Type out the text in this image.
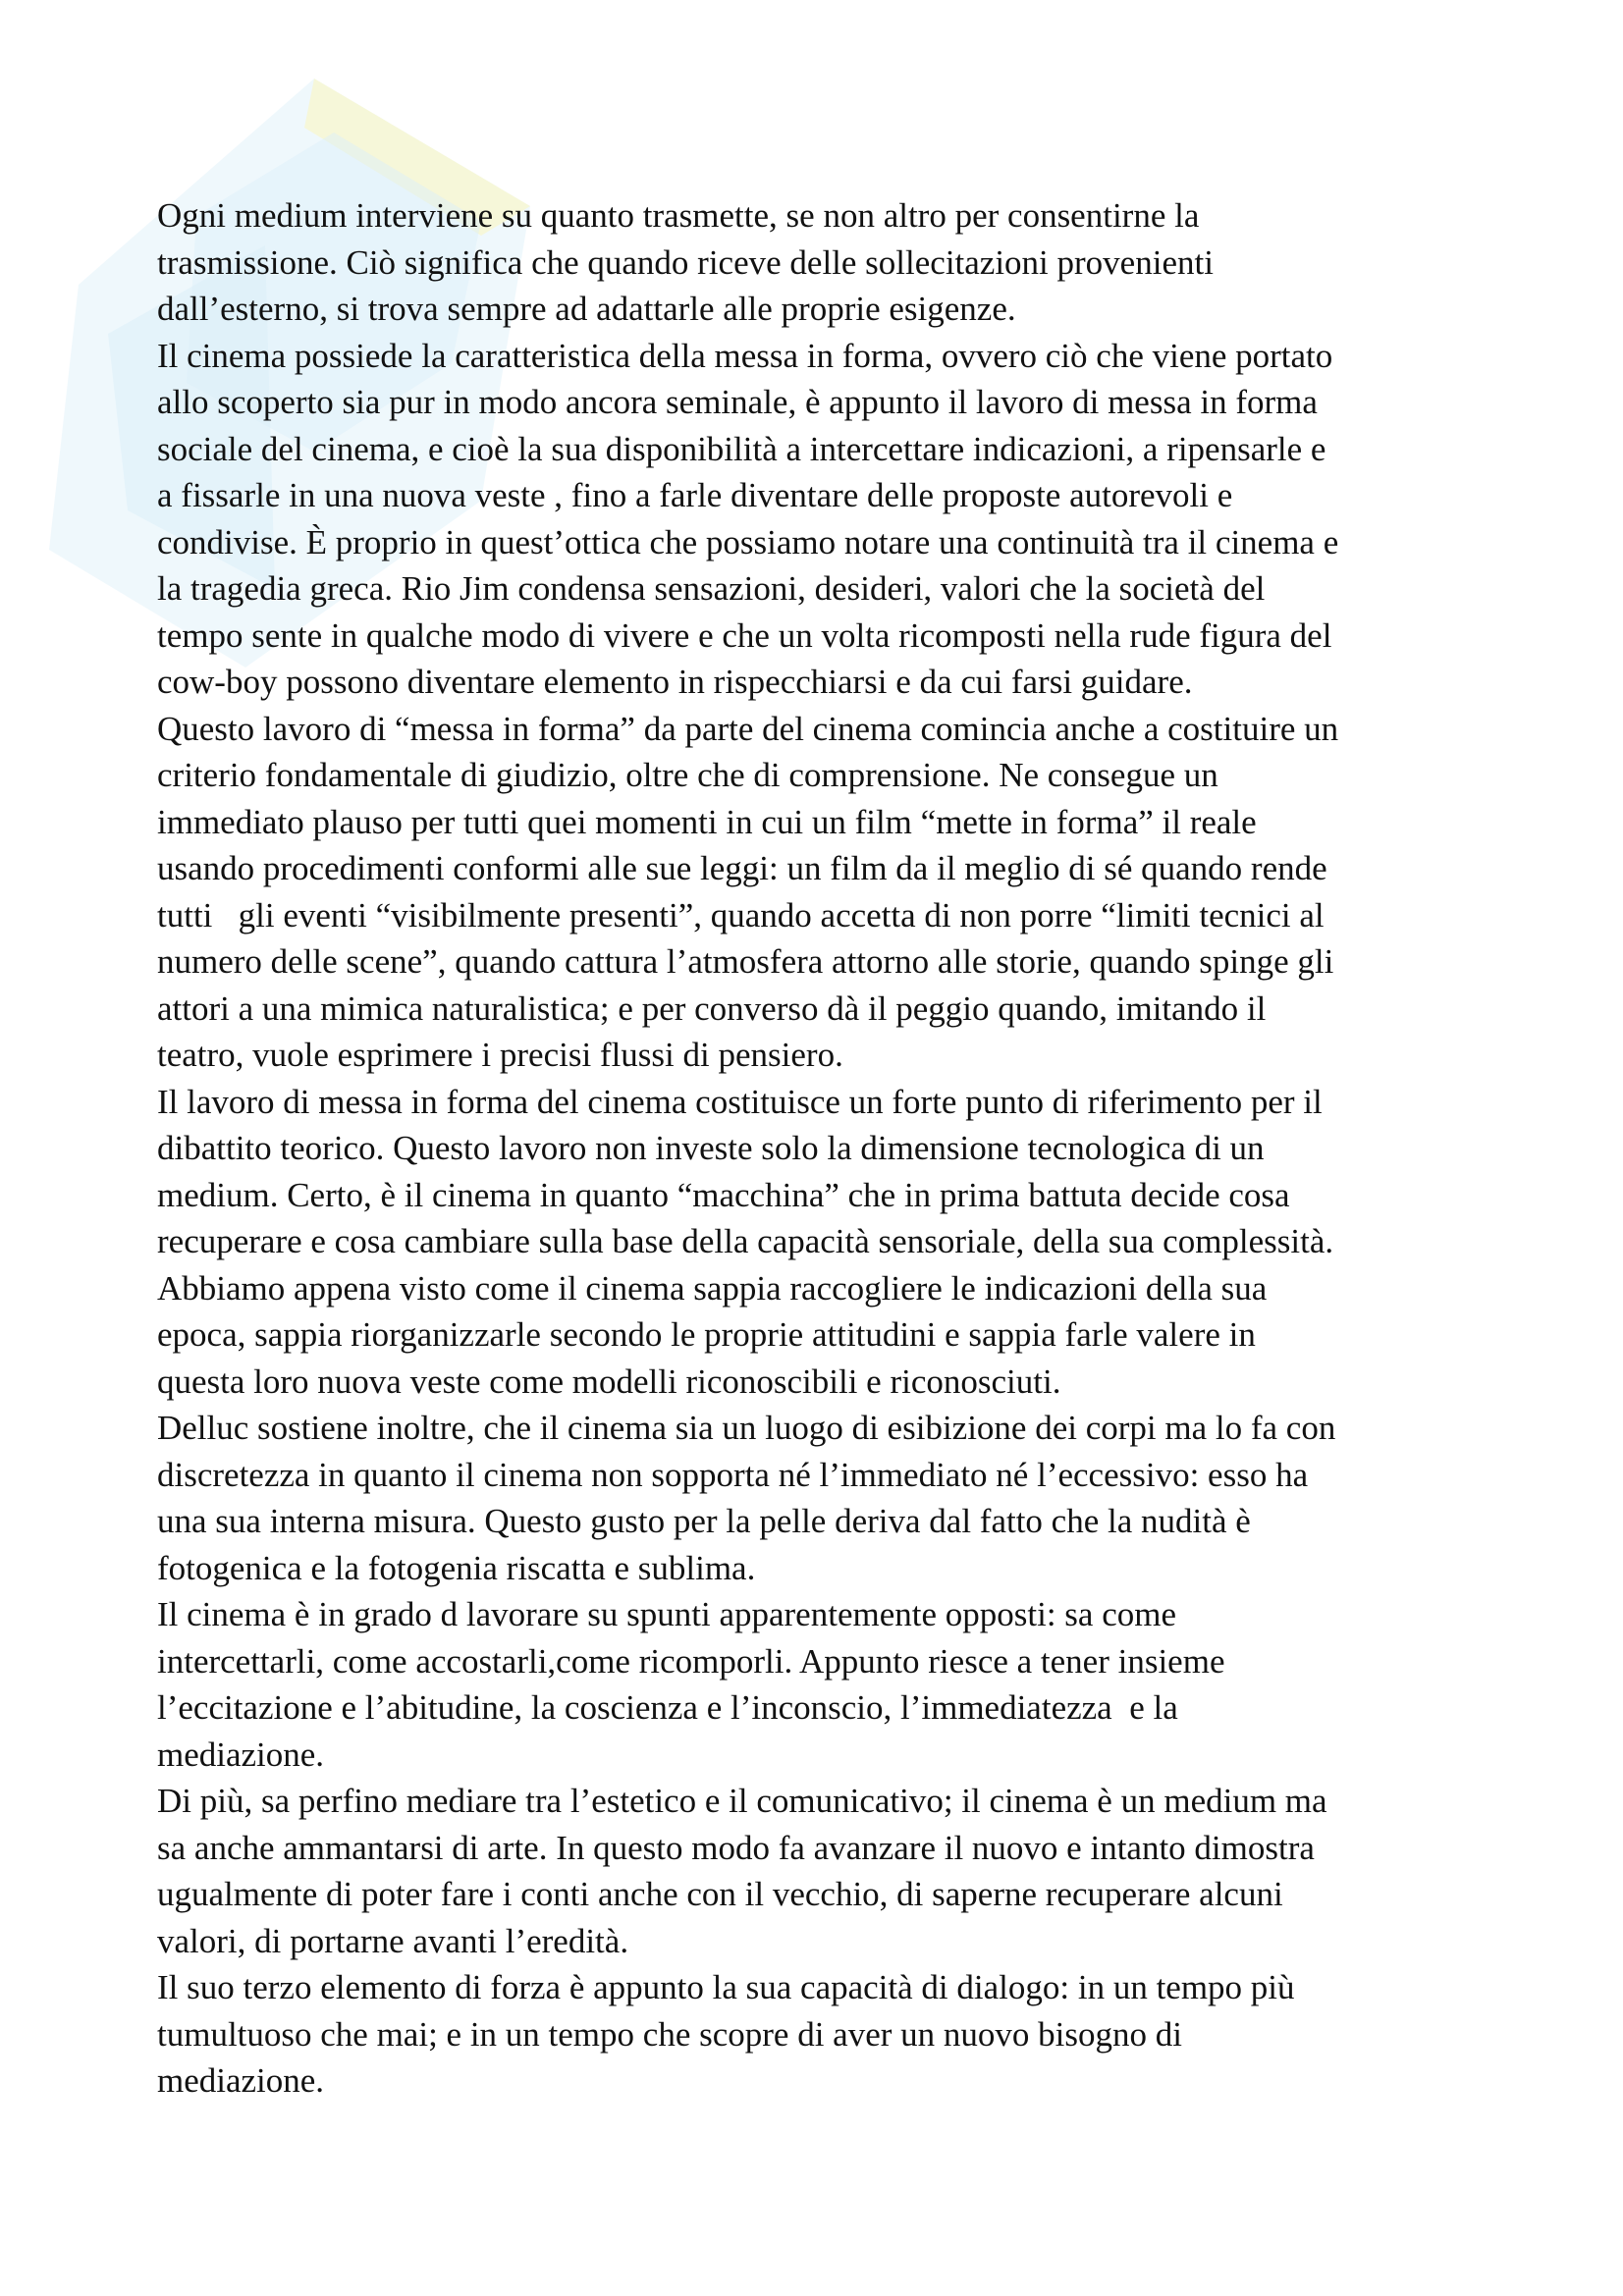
Ogni medium interviene su quanto trasmette, se non altro per consentirne la
trasmissione. Ciò significa che quando riceve delle sollecitazioni provenienti
dall’esterno, si trova sempre ad adattarle alle proprie esigenze.
Il cinema possiede la caratteristica della messa in forma, ovvero ciò che viene portato
allo scoperto sia pur in modo ancora seminale, è appunto il lavoro di messa in forma
sociale del cinema, e cioè la sua disponibilità a intercettare indicazioni, a ripensarle e
a fissarle in una nuova veste , fino a farle diventare delle proposte autorevoli e
condivise. È proprio in quest’ottica che possiamo notare una continuità tra il cinema e
la tragedia greca. Rio Jim condensa sensazioni, desideri, valori che la società del
tempo sente in qualche modo di vivere e che un volta ricomposti nella rude figura del
cow-boy possono diventare elemento in rispecchiarsi e da cui farsi guidare.
Questo lavoro di “messa in forma” da parte del cinema comincia anche a costituire un
criterio fondamentale di giudizio, oltre che di comprensione. Ne consegue un
immediato plauso per tutti quei momenti in cui un film “mette in forma” il reale
usando procedimenti conformi alle sue leggi: un film da il meglio di sé quando rende
tutti   gli eventi “visibilmente presenti”, quando accetta di non porre “limiti tecnici al
numero delle scene”, quando cattura l’atmosfera attorno alle storie, quando spinge gli
attori a una mimica naturalistica; e per converso dà il peggio quando, imitando il
teatro, vuole esprimere i precisi flussi di pensiero.
Il lavoro di messa in forma del cinema costituisce un forte punto di riferimento per il
dibattito teorico. Questo lavoro non investe solo la dimensione tecnologica di un
medium. Certo, è il cinema in quanto “macchina” che in prima battuta decide cosa
recuperare e cosa cambiare sulla base della capacità sensoriale, della sua complessità.
Abbiamo appena visto come il cinema sappia raccogliere le indicazioni della sua
epoca, sappia riorganizzarle secondo le proprie attitudini e sappia farle valere in
questa loro nuova veste come modelli riconoscibili e riconosciuti.
Delluc sostiene inoltre, che il cinema sia un luogo di esibizione dei corpi ma lo fa con
discretezza in quanto il cinema non sopporta né l’immediato né l’eccessivo: esso ha
una sua interna misura. Questo gusto per la pelle deriva dal fatto che la nudità è
fotogenica e la fotogenia riscatta e sublima.
Il cinema è in grado d lavorare su spunti apparentemente opposti: sa come
intercettarli, come accostarli,come ricomporli. Appunto riesce a tener insieme
l’eccitazione e l’abitudine, la coscienza e l’inconscio, l’immediatezza  e la
mediazione.
Di più, sa perfino mediare tra l’estetico e il comunicativo; il cinema è un medium ma
sa anche ammantarsi di arte. In questo modo fa avanzare il nuovo e intanto dimostra
ugualmente di poter fare i conti anche con il vecchio, di saperne recuperare alcuni
valori, di portarne avanti l’eredità.
Il suo terzo elemento di forza è appunto la sua capacità di dialogo: in un tempo più
tumultuoso che mai; e in un tempo che scopre di aver un nuovo bisogno di
mediazione.
